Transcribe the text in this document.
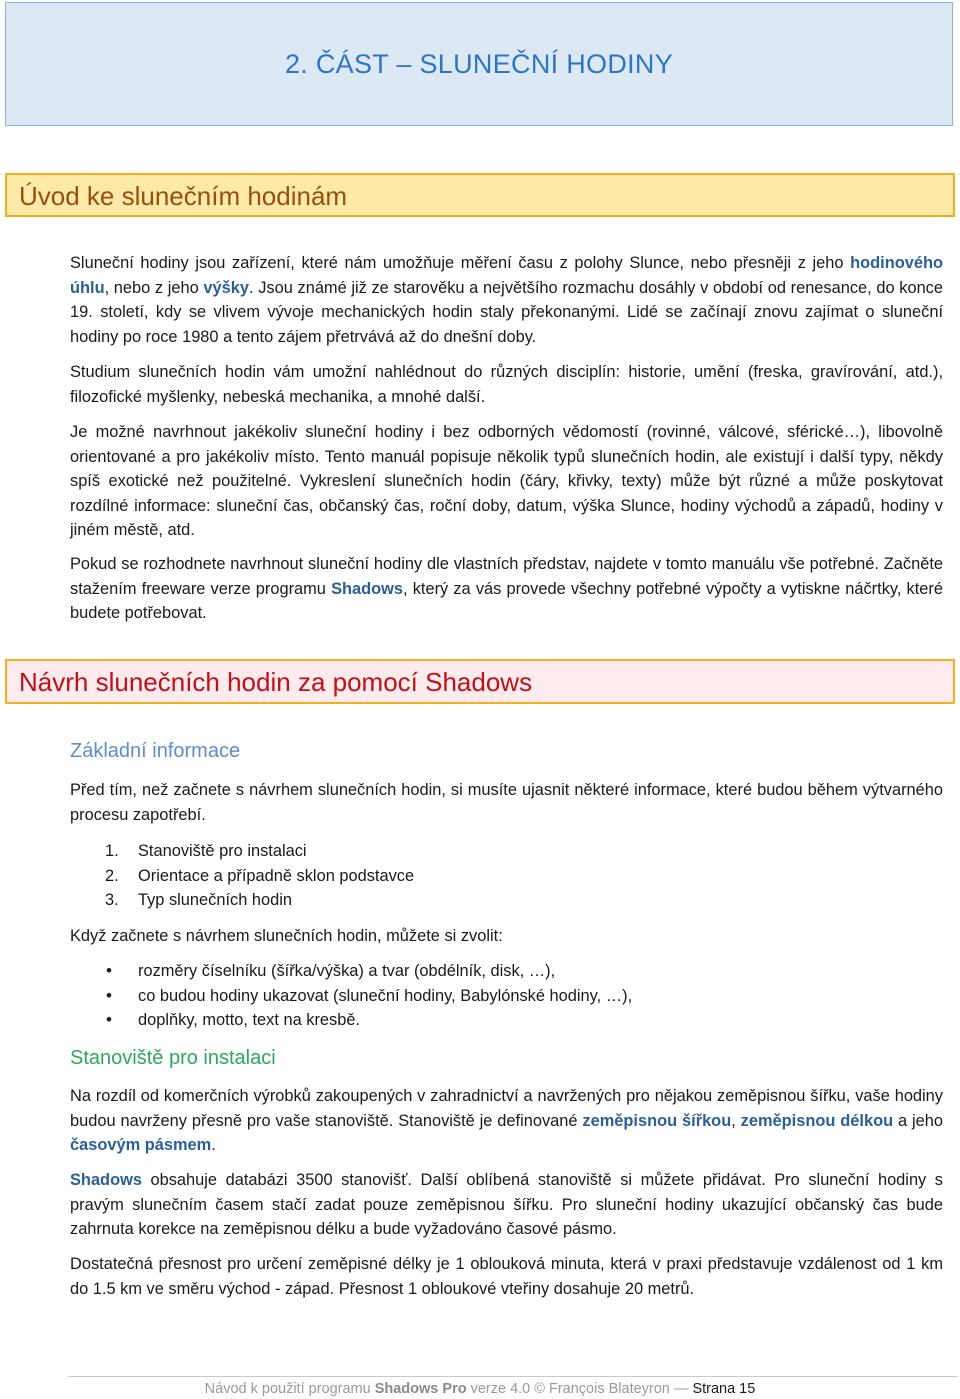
2. ČÁST – SLUNEČNÍ HODINY
Úvod ke slunečním hodinám

Sluneční hodiny jsou zařízení, které nám umožňuje měření času z polohy Slunce, nebo přesněji z jeho hodinového úhlu, nebo z jeho výšky. Jsou známé již ze starověku a největšího rozmachu dosáhly v období od renesance, do konce 19. století, kdy se vlivem vývoje mechanických hodin staly překonanými. Lidé se začínají znovu zajímat o sluneční hodiny po roce 1980 a tento zájem přetrvává až do dnešní doby.

Studium slunečních hodin vám umožní nahlédnout do různých disciplín: historie, umění (freska, gravírování, atd.), filozofické myšlenky, nebeská mechanika, a mnohé další.

Je možné navrhnout jakékoliv sluneční hodiny i bez odborných vědomostí (rovinné, válcové, sférické…), libovolně orientované a pro jakékoliv místo. Tento manuál popisuje několik typů slunečních hodin, ale existují i další typy, někdy spíš exotické než použitelné. Vykreslení slunečních hodin (čáry, křivky, texty) může být různé a může poskytovat rozdílné informace: sluneční čas, občanský čas, roční doby, datum, výška Slunce, hodiny východů a západů, hodiny v jiném městě, atd.

Pokud se rozhodnete navrhnout sluneční hodiny dle vlastních představ, najdete v tomto manuálu vše potřebné. Začněte stažením freeware verze programu Shadows, který za vás provede všechny potřebné výpočty a vytiskne náčrtky, které budete potřebovat.

Návrh slunečních hodin za pomocí Shadows
Základní informace

Před tím, než začnete s návrhem slunečních hodin, si musíte ujasnit některé informace, které budou během výtvarného procesu zapotřebí.

1. Stanoviště pro instalaci
2. Orientace a případně sklon podstavce
3. Typ slunečních hodin

Když začnete s návrhem slunečních hodin, můžete si zvolit:

• rozměry číselníku (šířka/výška) a tvar (obdélník, disk, …),
• co budou hodiny ukazovat (sluneční hodiny, Babylónské hodiny, …),
• doplňky, motto, text na kresbě.
Stanoviště pro instalaci

Na rozdíl od komerčních výrobků zakoupených v zahradnictví a navržených pro nějakou zeměpisnou šířku, vaše hodiny budou navrženy přesně pro vaše stanoviště. Stanoviště je definované zeměpisnou šířkou, zeměpisnou délkou a jeho časovým pásmem.

Shadows obsahuje databázi 3500 stanovišť. Další oblíbená stanoviště si můžete přidávat. Pro sluneční hodiny s pravým slunečním časem stačí zadat pouze zeměpisnou šířku. Pro sluneční hodiny ukazující občanský čas bude zahrnuta korekce na zeměpisnou délku a bude vyžadováno časové pásmo.

Dostatečná přesnost pro určení zeměpisné délky je 1 oblouková minuta, která v praxi představuje vzdálenost od 1 km do 1.5 km ve směru východ - západ. Přesnost 1 obloukové vteřiny dosahuje 20 metrů.

Návod k použití programu Shadows Pro verze 4.0 © François Blateyron — Strana 15
